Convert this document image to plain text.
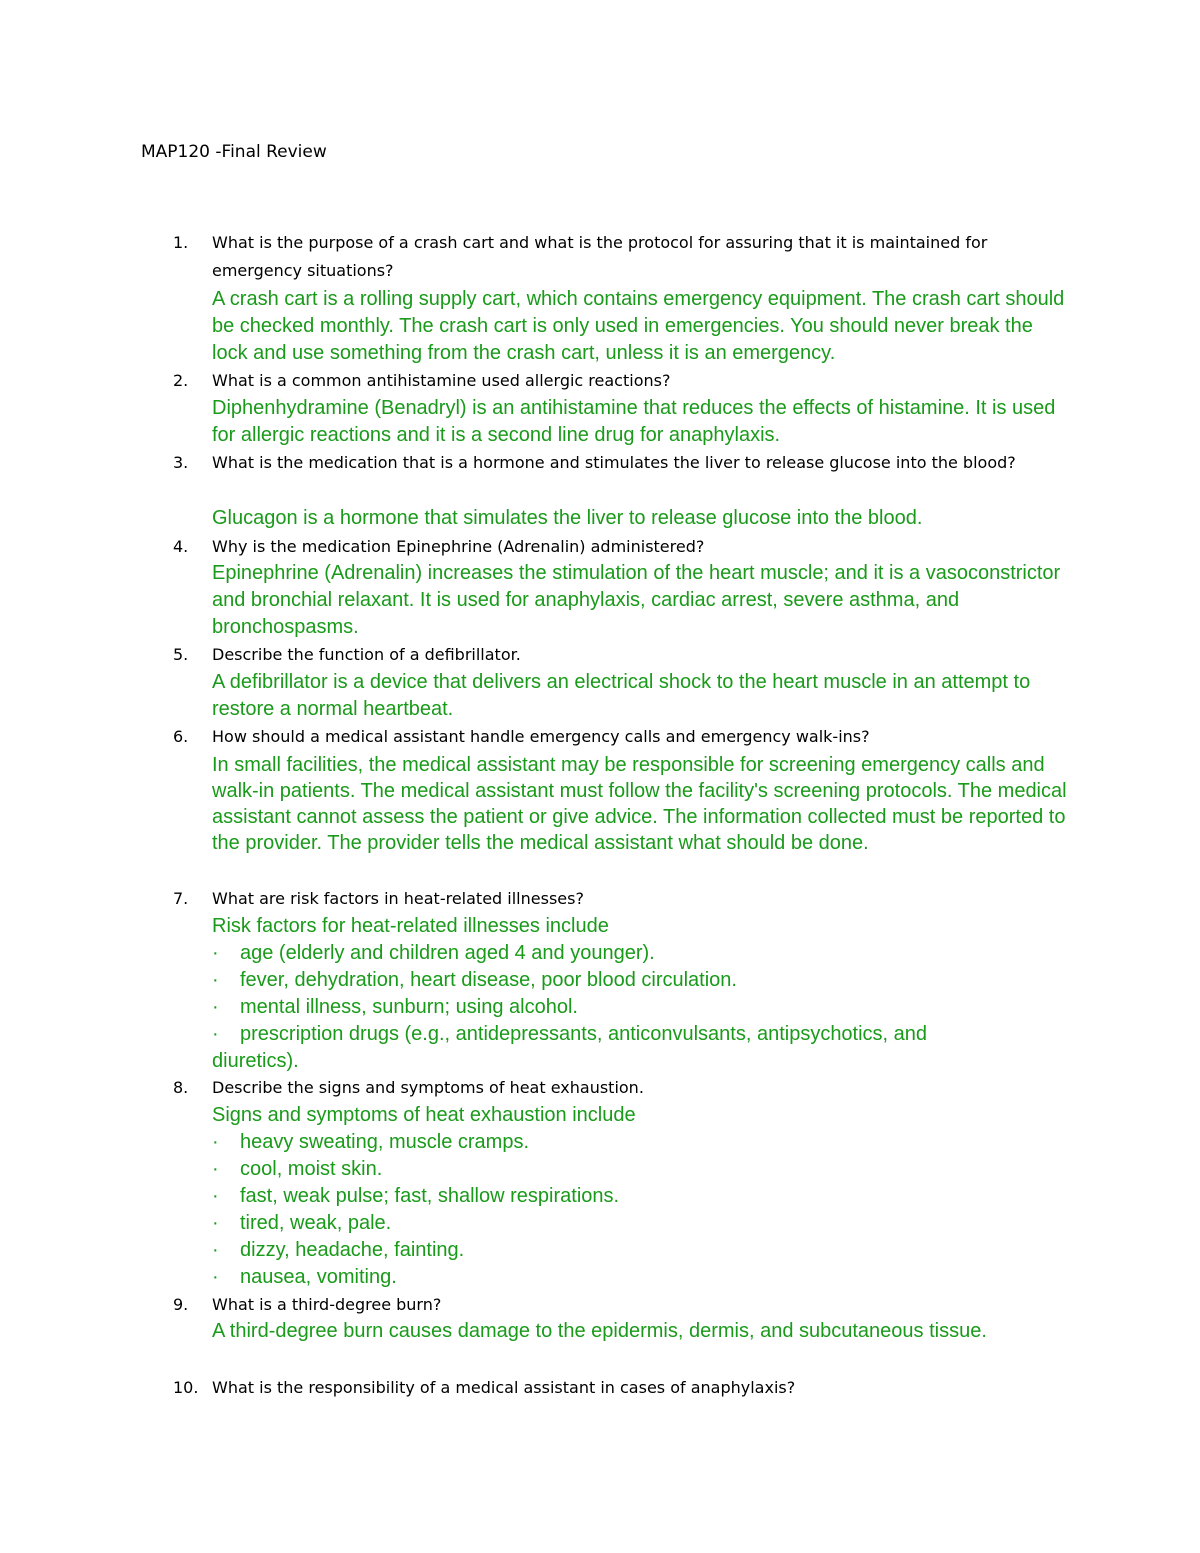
MAP120 -Final Review
1.	What is the purpose of a crash cart and what is the protocol for assuring that it is maintained for emergency situations?

A crash cart is a rolling supply cart, which contains emergency equipment. The crash cart should be checked monthly. The crash cart is only used in emergencies. You should never break the lock and use something from the crash cart, unless it is an emergency.

2.	What is a common antihistamine used allergic reactions?

Diphenhydramine (Benadryl) is an antihistamine that reduces the effects of histamine. It is used for allergic reactions and it is a second line drug for anaphylaxis.

3.	What is the medication that is a hormone and stimulates the liver to release glucose into the blood?

Glucagon is a hormone that simulates the liver to release glucose into the blood.

4.	Why is the medication Epinephrine (Adrenalin) administered?

Epinephrine (Adrenalin) increases the stimulation of the heart muscle; and it is a vasoconstrictor and bronchial relaxant. It is used for anaphylaxis, cardiac arrest, severe asthma, and bronchospasms.

5.	Describe the function of a defibrillator.

A defibrillator is a device that delivers an electrical shock to the heart muscle in an attempt to restore a normal heartbeat.

6.	How should a medical assistant handle emergency calls and emergency walk-ins?

In small facilities, the medical assistant may be responsible for screening emergency calls and walk-in patients. The medical assistant must follow the facility's screening protocols. The medical assistant cannot assess the patient or give advice. The information collected must be reported to the provider. The provider tells the medical assistant what should be done.

7.	What are risk factors in heat-related illnesses?

Risk factors for heat-related illnesses include

· age (elderly and children aged 4 and younger).
· fever, dehydration, heart disease, poor blood circulation.
· mental illness, sunburn; using alcohol.
· prescription drugs (e.g., antidepressants, anticonvulsants, antipsychotics, and

diuretics).

8.	Describe the signs and symptoms of heat exhaustion.

Signs and symptoms of heat exhaustion include

· heavy sweating, muscle cramps.
· cool, moist skin.
· fast, weak pulse; fast, shallow respirations.
· tired, weak, pale.
· dizzy, headache, fainting.
· nausea, vomiting.
9.	What is a third-degree burn?

A third-degree burn causes damage to the epidermis, dermis, and subcutaneous tissue.

10. What is the responsibility of a medical assistant in cases of anaphylaxis?
